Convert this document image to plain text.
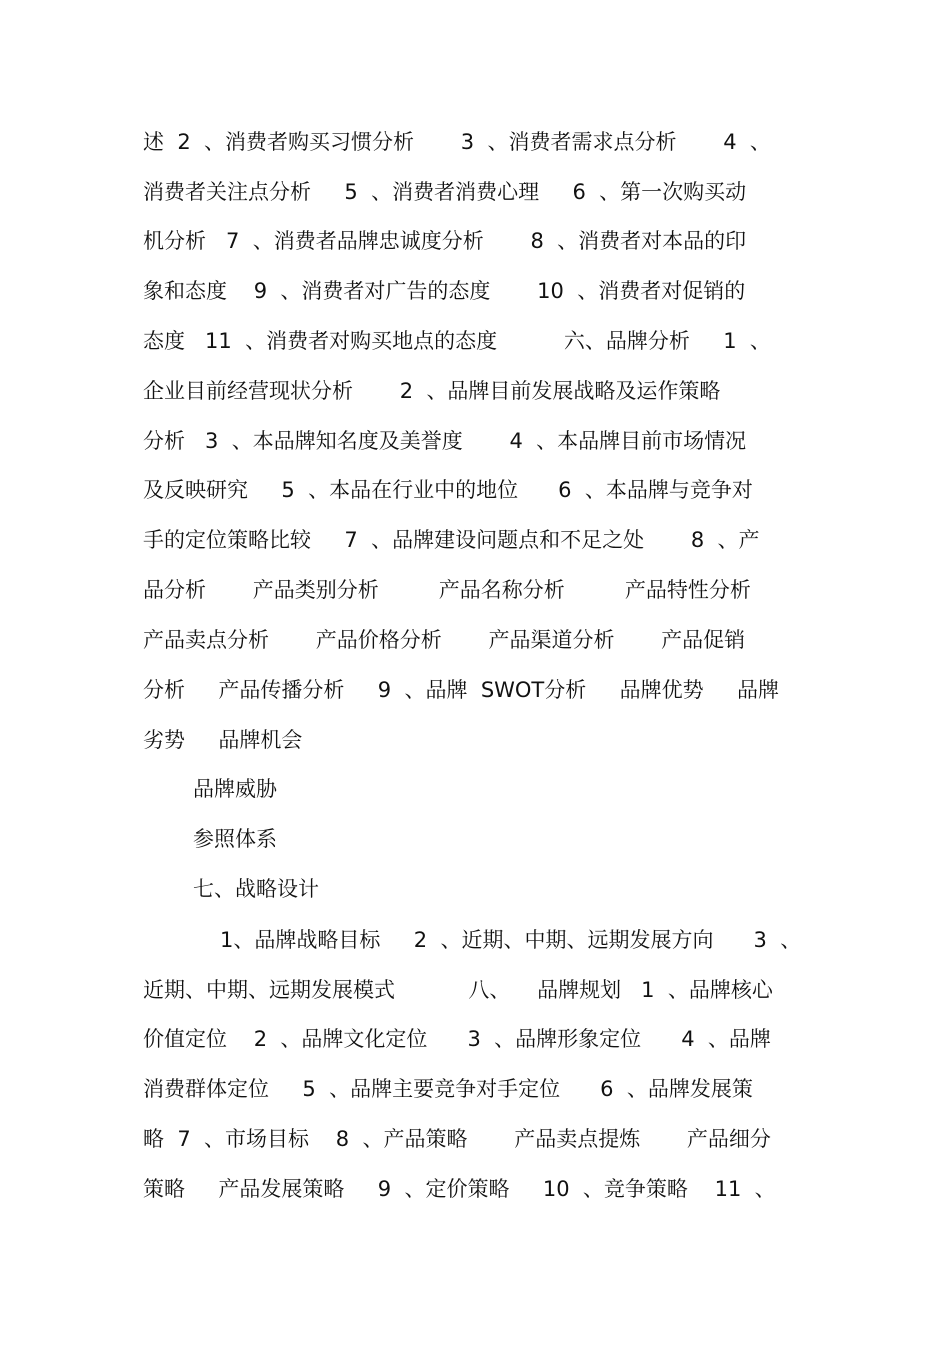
述  2  、消费者购买习惯分析       3  、消费者需求点分析       4  、
消费者关注点分析     5  、消费者消费心理     6  、第一次购买动
机分析   7  、消费者品牌忠诚度分析       8  、消费者对本品的印
象和态度    9  、消费者对广告的态度       10  、消费者对促销的
态度   11  、消费者对购买地点的态度          六、品牌分析     1  、
企业目前经营现状分析       2  、品牌目前发展战略及运作策略
分析   3  、本品牌知名度及美誉度       4  、本品牌目前市场情况
及反映研究     5  、本品在行业中的地位      6  、本品牌与竞争对
手的定位策略比较     7  、品牌建设问题点和不足之处       8  、产
品分析       产品类别分析         产品名称分析         产品特性分析
产品卖点分析       产品价格分析       产品渠道分析       产品促销
分析     产品传播分析     9  、品牌  SWOT分析     品牌优势     品牌
劣势     品牌机会
品牌威胁
参照体系
七、战略设计
1、品牌战略目标     2  、近期、中期、远期发展方向      3  、
近期、中期、远期发展模式           八、    品牌规划   1  、品牌核心
价值定位    2  、品牌文化定位      3  、品牌形象定位      4  、品牌
消费群体定位     5  、品牌主要竞争对手定位      6  、品牌发展策
略  7  、市场目标    8  、产品策略       产品卖点提炼       产品细分
策略     产品发展策略     9  、定价策略     10  、竞争策略    11  、
